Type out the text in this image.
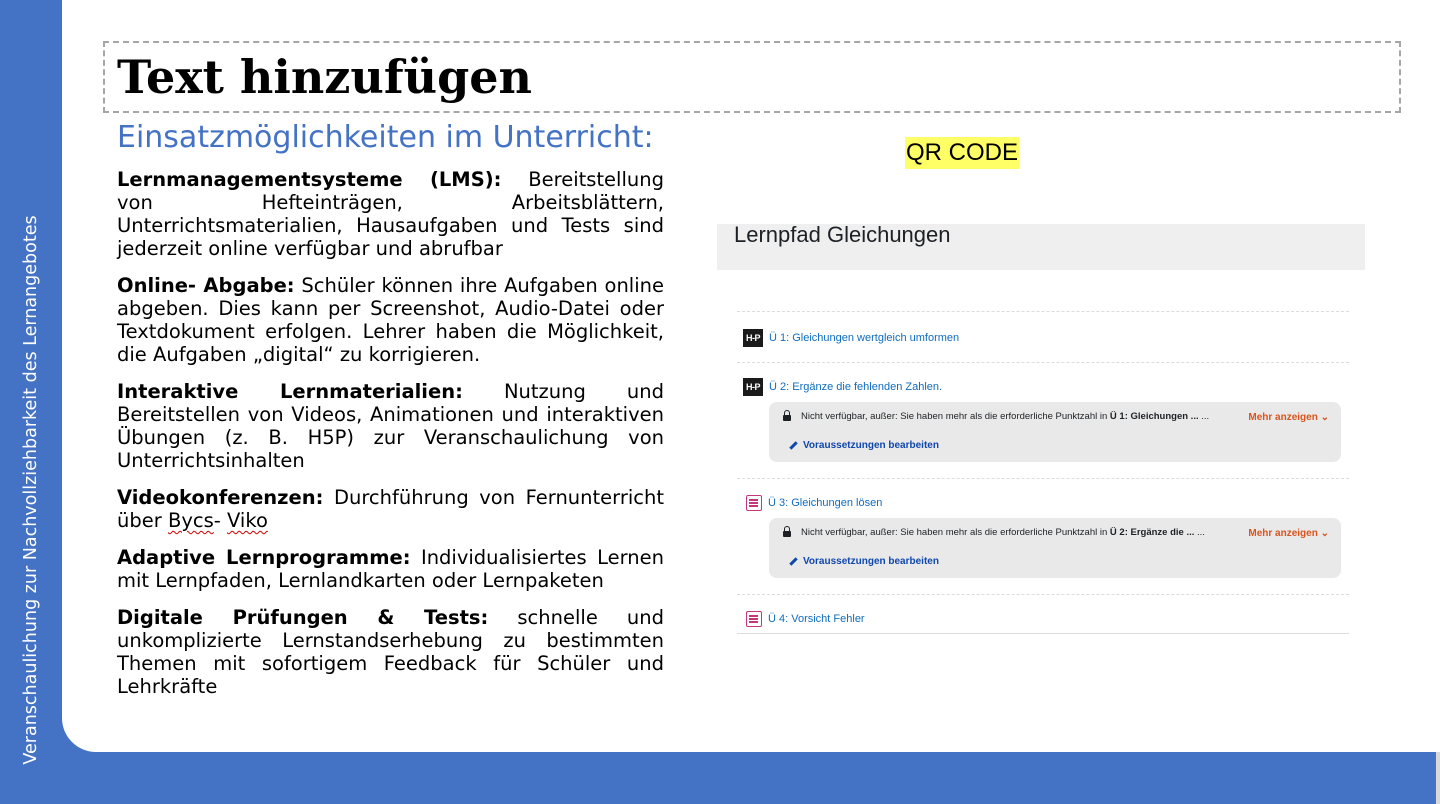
Veranschaulichung zur Nachvollziehbarkeit des Lernangebotes
Text hinzufügen
Einsatzmöglichkeiten im Unterricht:

Lernmanagementsysteme (LMS): Bereitstellung von Hefteinträgen, Arbeitsblättern, Unterrichtsmaterialien, Hausaufgaben und Tests sind jederzeit online verfügbar und abrufbar

Online- Abgabe: Schüler können ihre Aufgaben online abgeben. Dies kann per Screenshot, Audio-Datei oder Textdokument erfolgen. Lehrer haben die Möglichkeit, die Aufgaben „digital“ zu korrigieren.

Interaktive Lernmaterialien: Nutzung und Bereitstellen von Videos, Animationen und interaktiven Übungen (z. B. H5P) zur Veranschaulichung von Unterrichtsinhalten

Videokonferenzen: Durchführung von Fernunterricht über Bycs- Viko

Adaptive Lernprogramme: Individualisiertes Lernen mit Lernpfaden, Lernlandkarten oder Lernpaketen

Digitale Prüfungen & Tests: schnelle und unkomplizierte Lernstandserhebung zu bestimmten Themen mit sofortigem Feedback für Schüler und Lehrkräfte

QR CODE
Lernpfad Gleichungen
H-P Ü 1: Gleichungen wertgleich umformen
H-P Ü 2: Ergänze die fehlenden Zahlen.
Nicht verfügbar, außer: Sie haben mehr als die erforderliche Punktzahl in Ü 1: Gleichungen ... ...	Mehr anzeigen ⌄
Voraussetzungen bearbeiten
Ü 3: Gleichungen lösen
Nicht verfügbar, außer: Sie haben mehr als die erforderliche Punktzahl in Ü 2: Ergänze die ... ...	Mehr anzeigen ⌄
Voraussetzungen bearbeiten
Ü 4: Vorsicht Fehler
